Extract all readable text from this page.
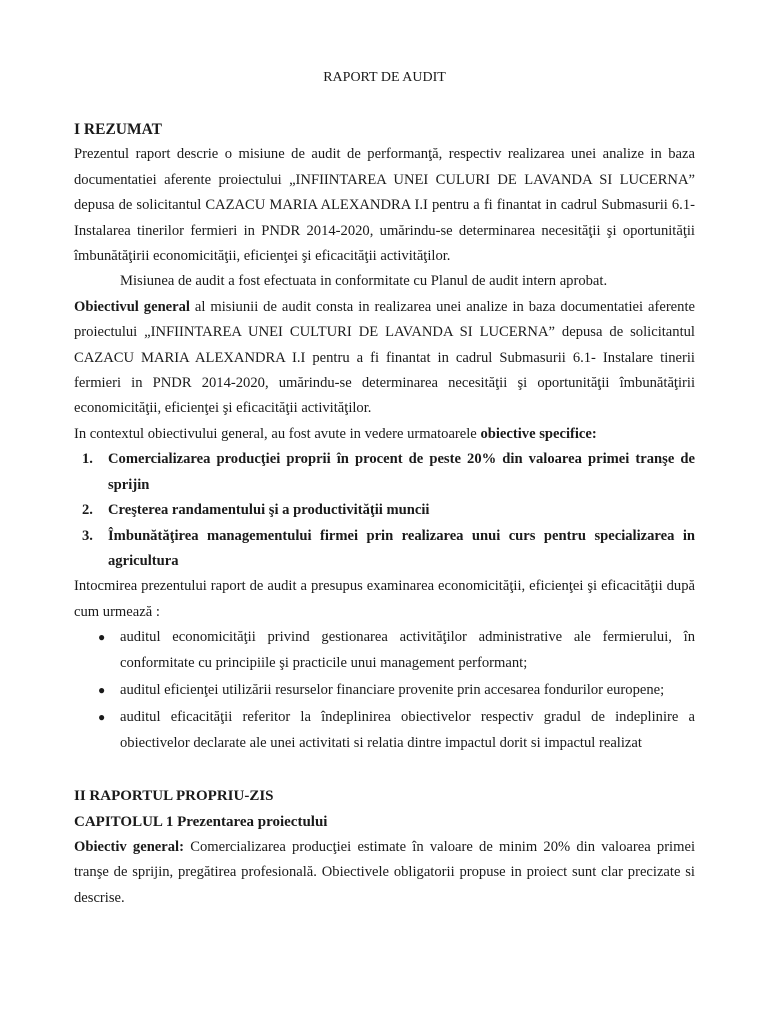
RAPORT DE AUDIT
I REZUMAT

Prezentul raport descrie o misiune de audit de performanţă, respectiv realizarea unei analize in baza documentatiei aferente proiectului „INFIINTAREA UNEI CULURI DE LAVANDA SI LUCERNA” depusa de solicitantul CAZACU MARIA ALEXANDRA I.I pentru a fi finantat in cadrul Submasurii 6.1- Instalarea tinerilor fermieri in PNDR 2014-2020, umărindu-se determinarea necesităţii şi oportunităţii îmbunătăţirii economicităţii, eficienţei şi eficacităţii activităţilor.

Misiunea de audit a fost efectuata in conformitate cu Planul de audit intern aprobat.

Obiectivul general al misiunii de audit consta in realizarea unei analize in baza documentatiei aferente proiectului „INFIINTAREA UNEI CULTURI DE LAVANDA SI LUCERNA” depusa de solicitantul CAZACU MARIA ALEXANDRA I.I pentru a fi finantat in cadrul Submasurii 6.1- Instalare tinerii fermieri in PNDR 2014-2020, umărindu-se determinarea necesităţii şi oportunităţii îmbunătăţirii economicităţii, eficienţei şi eficacităţii activităţilor.

In contextul obiectivului general, au fost avute in vedere urmatoarele obiective specifice:

1. Comercializarea producţiei proprii în procent de peste 20% din valoarea primei tranşe de sprijin
2. Creşterea randamentului şi a productivităţii muncii
3. Îmbunătăţirea managementului firmei prin realizarea unui curs pentru specializarea in agricultura

Intocmirea prezentului raport de audit a presupus examinarea economicităţii, eficienţei şi eficacităţii după cum urmează :

● auditul economicităţii privind gestionarea activităţilor administrative ale fermierului, în conformitate cu principiile şi practicile unui management performant;
● auditul eficienţei utilizării resurselor financiare provenite prin accesarea fondurilor europene;
● auditul eficacităţii referitor la îndeplinirea obiectivelor respectiv gradul de indeplinire a obiectivelor declarate ale unei activitati si relatia dintre impactul dorit si impactul realizat
II RAPORTUL PROPRIU-ZIS
CAPITOLUL 1 Prezentarea proiectului

Obiectiv general: Comercializarea producţiei estimate în valoare de minim 20% din valoarea primei tranşe de sprijin, pregătirea profesională. Obiectivele obligatorii propuse in proiect sunt clar precizate si descrise.
